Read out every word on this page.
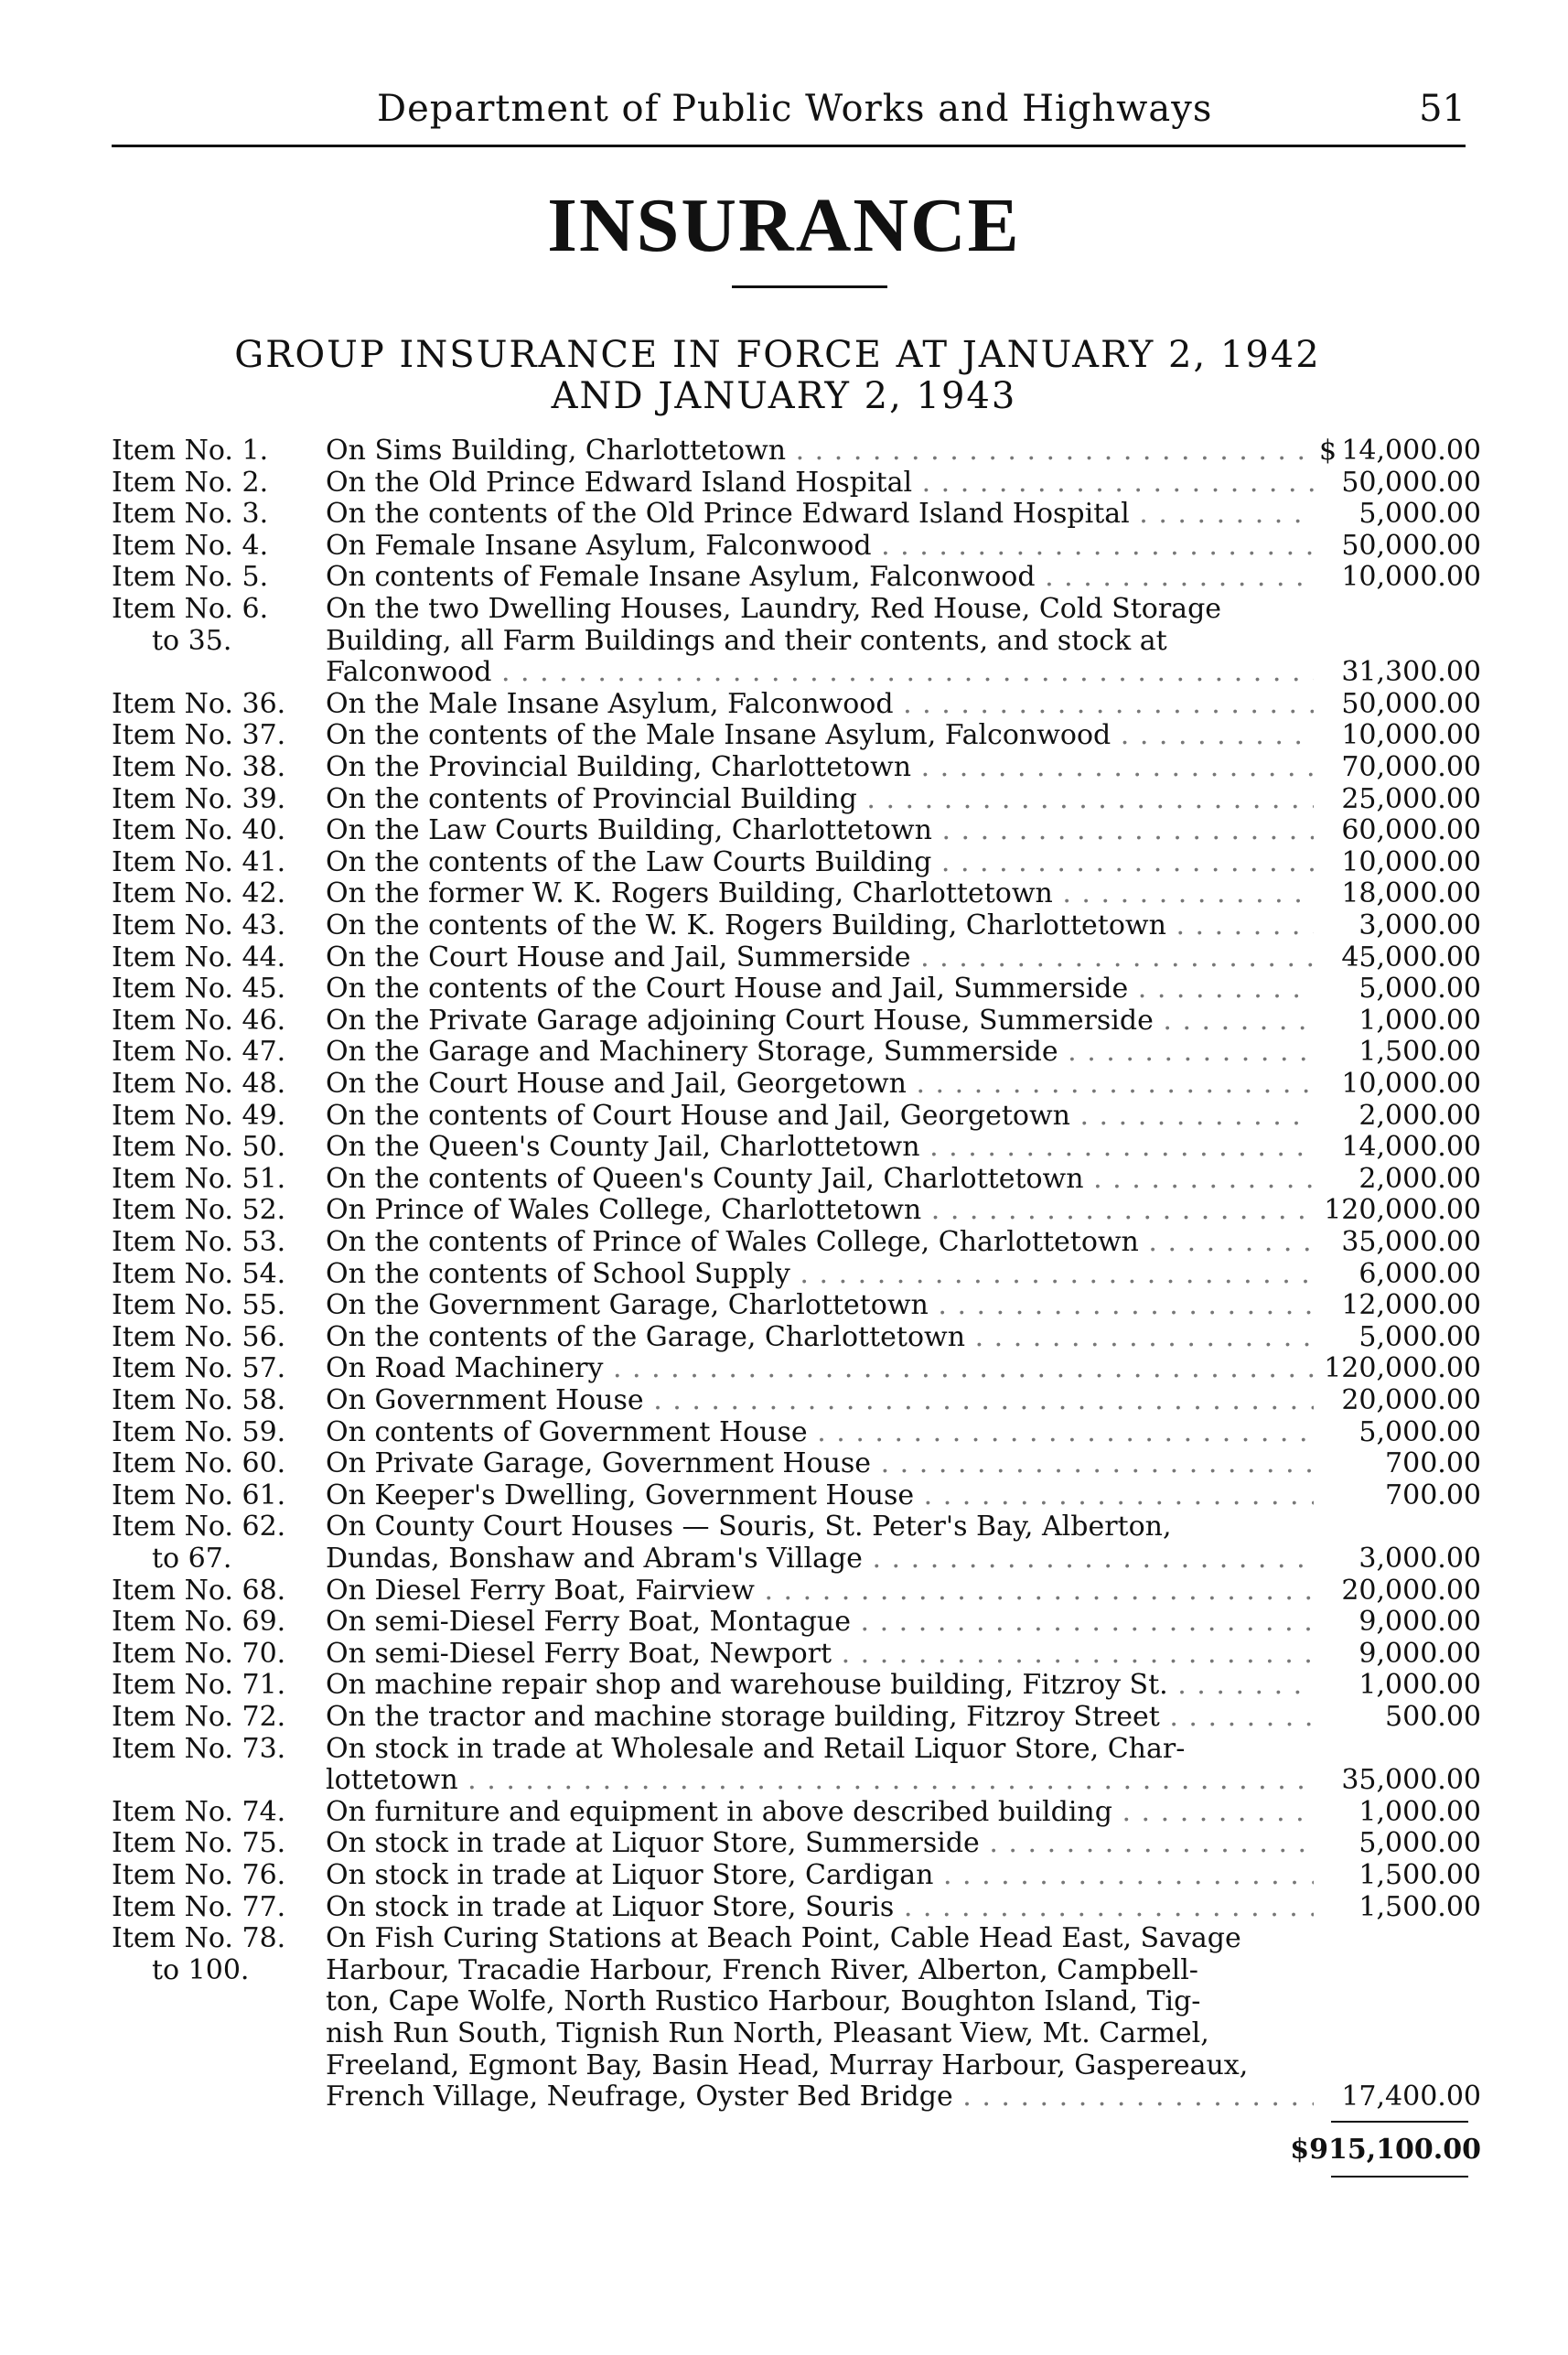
Department of Public Works and Highways	51
INSURANCE
GROUP INSURANCE IN FORCE AT JANUARY 2, 1942
AND JANUARY 2, 1943
Item No. 1.	On Sims Building, Charlottetown . . .	$ 14,000.00
Item No. 2.	On the Old Prince Edward Island Hospital . . .	50,000.00
Item No. 3.	On the contents of the Old Prince Edward Island Hospital . . .	5,000.00
Item No. 4.	On Female Insane Asylum, Falconwood . . .	50,000.00
Item No. 5.	On contents of Female Insane Asylum, Falconwood . . .	10,000.00
Item No. 6.	On the two Dwelling Houses, Laundry, Red House, Cold Storage
to 35.	Building, all Farm Buildings and their contents, and stock at
Falconwood . . .	31,300.00
Item No. 36.	On the Male Insane Asylum, Falconwood . . .	50,000.00
Item No. 37.	On the contents of the Male Insane Asylum, Falconwood . . .	10,000.00
Item No. 38.	On the Provincial Building, Charlottetown . . .	70,000.00
Item No. 39.	On the contents of Provincial Building . . .	25,000.00
Item No. 40.	On the Law Courts Building, Charlottetown . . .	60,000.00
Item No. 41.	On the contents of the Law Courts Building . . .	10,000.00
Item No. 42.	On the former W. K. Rogers Building, Charlottetown . . .	18,000.00
Item No. 43.	On the contents of the W. K. Rogers Building, Charlottetown . . .	3,000.00
Item No. 44.	On the Court House and Jail, Summerside . . .	45,000.00
Item No. 45.	On the contents of the Court House and Jail, Summerside . . .	5,000.00
Item No. 46.	On the Private Garage adjoining Court House, Summerside . . .	1,000.00
Item No. 47.	On the Garage and Machinery Storage, Summerside . . .	1,500.00
Item No. 48.	On the Court House and Jail, Georgetown . . .	10,000.00
Item No. 49.	On the contents of Court House and Jail, Georgetown . . .	2,000.00
Item No. 50.	On the Queen's County Jail, Charlottetown . . .	14,000.00
Item No. 51.	On the contents of Queen's County Jail, Charlottetown . . .	2,000.00
Item No. 52.	On Prince of Wales College, Charlottetown . . .	120,000.00
Item No. 53.	On the contents of Prince of Wales College, Charlottetown . . .	35,000.00
Item No. 54.	On the contents of School Supply . . .	6,000.00
Item No. 55.	On the Government Garage, Charlottetown . . .	12,000.00
Item No. 56.	On the contents of the Garage, Charlottetown . . .	5,000.00
Item No. 57.	On Road Machinery . . .	120,000.00
Item No. 58.	On Government House . . .	20,000.00
Item No. 59.	On contents of Government House . . .	5,000.00
Item No. 60.	On Private Garage, Government House . . .	700.00
Item No. 61.	On Keeper's Dwelling, Government House . . .	700.00
Item No. 62.	On County Court Houses — Souris, St. Peter's Bay, Alberton,
to 67.	Dundas, Bonshaw and Abram's Village . . .	3,000.00
Item No. 68.	On Diesel Ferry Boat, Fairview . . .	20,000.00
Item No. 69.	On semi-Diesel Ferry Boat, Montague . . .	9,000.00
Item No. 70.	On semi-Diesel Ferry Boat, Newport . . .	9,000.00
Item No. 71.	On machine repair shop and warehouse building, Fitzroy St. . . .	1,000.00
Item No. 72.	On the tractor and machine storage building, Fitzroy Street . . .	500.00
Item No. 73.	On stock in trade at Wholesale and Retail Liquor Store, Char-
lottetown . . .	35,000.00
Item No. 74.	On furniture and equipment in above described building . . .	1,000.00
Item No. 75.	On stock in trade at Liquor Store, Summerside . . .	5,000.00
Item No. 76.	On stock in trade at Liquor Store, Cardigan . . .	1,500.00
Item No. 77.	On stock in trade at Liquor Store, Souris . . .	1,500.00
Item No. 78.	On Fish Curing Stations at Beach Point, Cable Head East, Savage
to 100.	Harbour, Tracadie Harbour, French River, Alberton, Campbell-
ton, Cape Wolfe, North Rustico Harbour, Boughton Island, Tig-
nish Run South, Tignish Run North, Pleasant View, Mt. Carmel,
Freeland, Egmont Bay, Basin Head, Murray Harbour, Gaspereaux,
French Village, Neufrage, Oyster Bed Bridge . . .	17,400.00
$915,100.00
